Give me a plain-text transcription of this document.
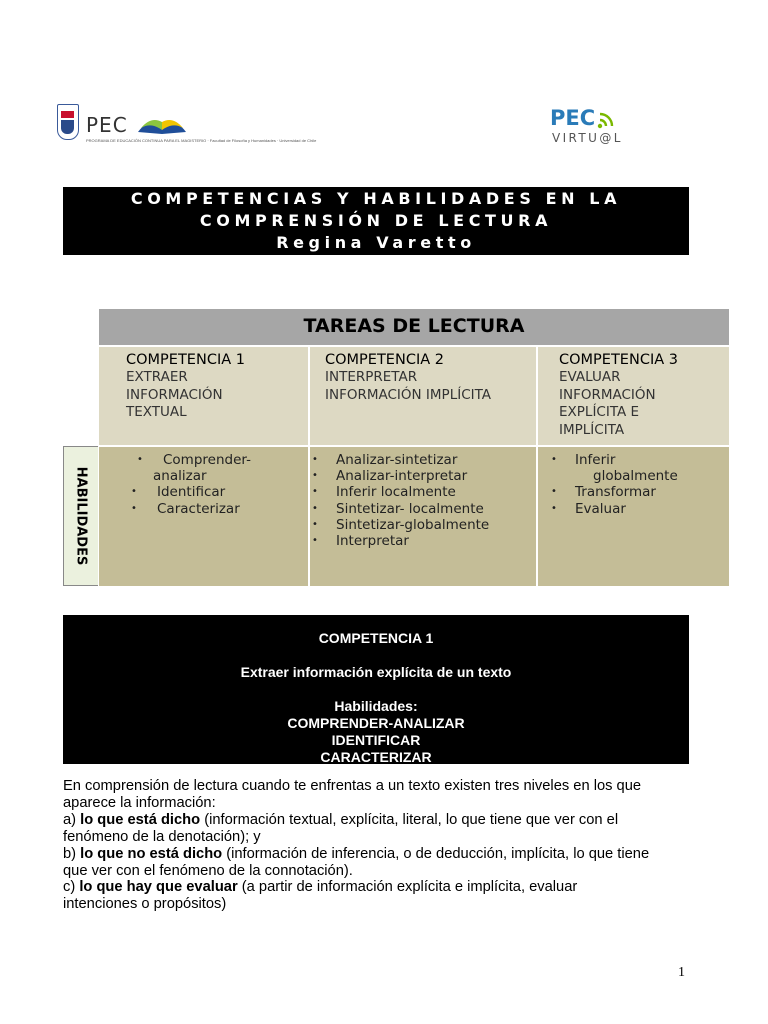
PEC
PROGRAMA DE EDUCACIÓN CONTINUA PARA EL MAGISTERIO · Facultad de Filosofía y Humanidades · Universidad de Chile
PEC
VIRTU@L
COMPETENCIAS Y HABILIDADES EN LA
COMPRENSIÓN DE LECTURA
Regina Varetto
TAREAS DE LECTURA
COMPETENCIA 1
EXTRAER
INFORMACIÓN
TEXTUAL
COMPETENCIA 2
INTERPRETAR
INFORMACIÓN IMPLÍCITA
COMPETENCIA 3
EVALUAR
INFORMACIÓN
EXPLÍCITA E
IMPLÍCITA
HABILIDADES
• Comprender-
analizar
• Identificar
• Caracterizar
• Analizar-sintetizar
• Analizar-interpretar
• Inferir localmente
• Sintetizar- localmente
• Sintetizar-globalmente
• Interpretar
• Inferir
globalmente
• Transformar
• Evaluar
COMPETENCIA 1
Extraer información explícita de un texto
Habilidades:
COMPRENDER-ANALIZAR
IDENTIFICAR
CARACTERIZAR
En comprensión de lectura cuando te enfrentas a un texto existen tres niveles en los que
aparece la información:
a) lo que está dicho (información textual, explícita, literal, lo que tiene que ver con el
fenómeno de la denotación); y
b) lo que no está dicho (información de inferencia, o de deducción, implícita, lo que tiene
que ver con el fenómeno de la connotación).
c) lo que hay que evaluar (a partir de información explícita e implícita, evaluar
intenciones o propósitos)
1
